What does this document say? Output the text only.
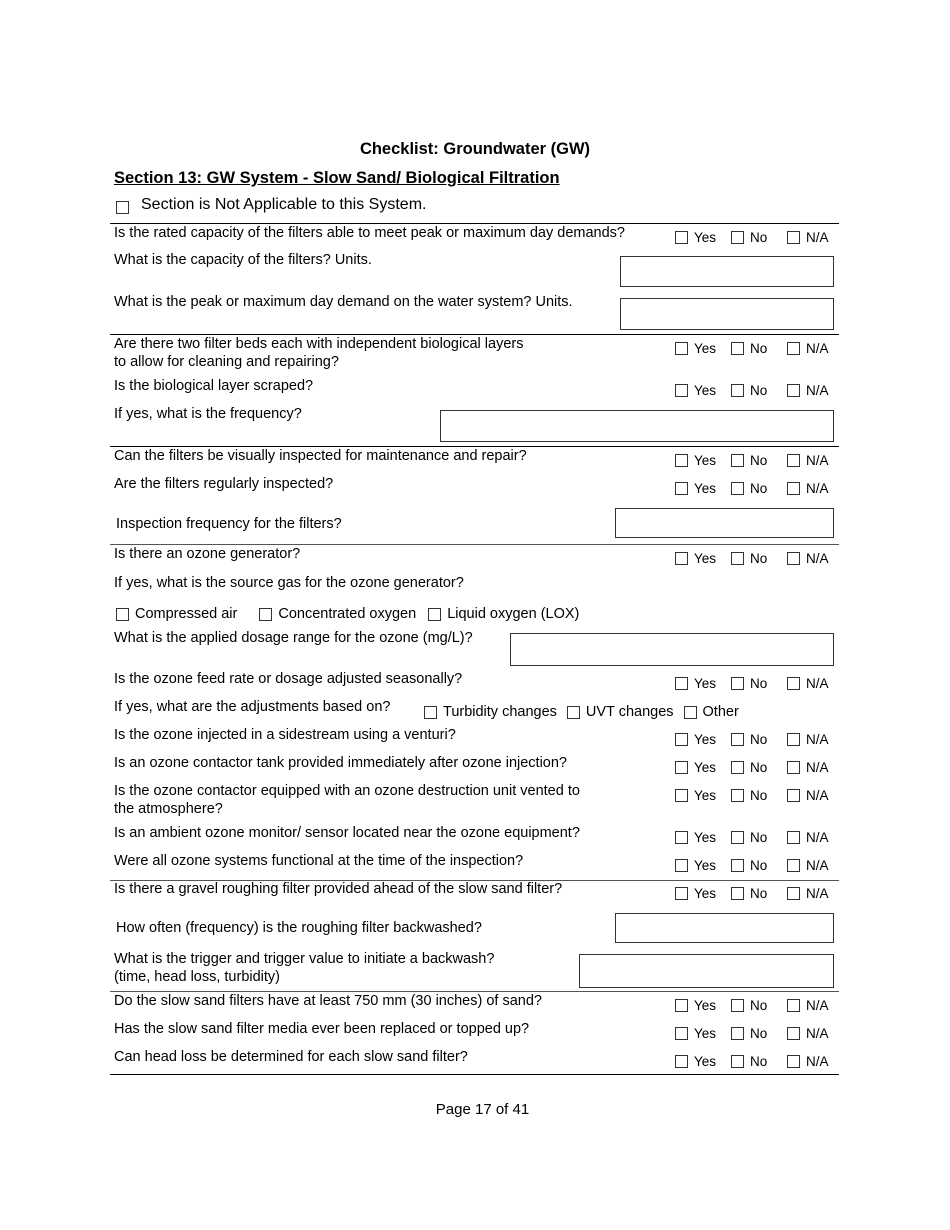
Checklist: Groundwater (GW)
Section 13: GW System - Slow Sand/ Biological Filtration
Section is Not Applicable to this System.
Is the rated capacity of the filters able to meet peak or maximum day demands?	Yes	No	N/A
What is the capacity of the filters? Units.
What is the peak or maximum day demand on the water system? Units.
Are there two filter beds each with independent biological layers
to allow for cleaning and repairing?
Yes	No	N/A
Is the biological layer scraped?	Yes	No	N/A
If yes, what is the frequency?
Can the filters be visually inspected for maintenance and repair?	Yes	No	N/A
Are the filters regularly inspected?	Yes	No	N/A
Inspection frequency for the filters?
Is there an ozone generator?	Yes	No	N/A
If yes, what is the source gas for the ozone generator?
Compressed air	Concentrated oxygen Liquid oxygen (LOX)
What is the applied dosage range for the ozone (mg/L)?
Is the ozone feed rate or dosage adjusted seasonally?	Yes	No	N/A
If yes, what are the adjustments based on?	Turbidity changes UVT changes Other
Is the ozone injected in a sidestream using a venturi?	Yes	No	N/A
Is an ozone contactor tank provided immediately after ozone injection?	Yes	No	N/A
Is the ozone contactor equipped with an ozone destruction unit vented to
the atmosphere?
Yes	No	N/A
Is an ambient ozone monitor/ sensor located near the ozone equipment?	Yes	No	N/A
Were all ozone systems functional at the time of the inspection?	Yes	No	N/A
Is there a gravel roughing filter provided ahead of the slow sand filter?	Yes	No	N/A
How often (frequency) is the roughing filter backwashed?
What is the trigger and trigger value to initiate a backwash?
(time, head loss, turbidity)
Do the slow sand filters have at least 750 mm (30 inches) of sand?	Yes	No	N/A
Has the slow sand filter media ever been replaced or topped up?	Yes	No	N/A
Can head loss be determined for each slow sand filter?	Yes	No	N/A
Page 17 of 41
